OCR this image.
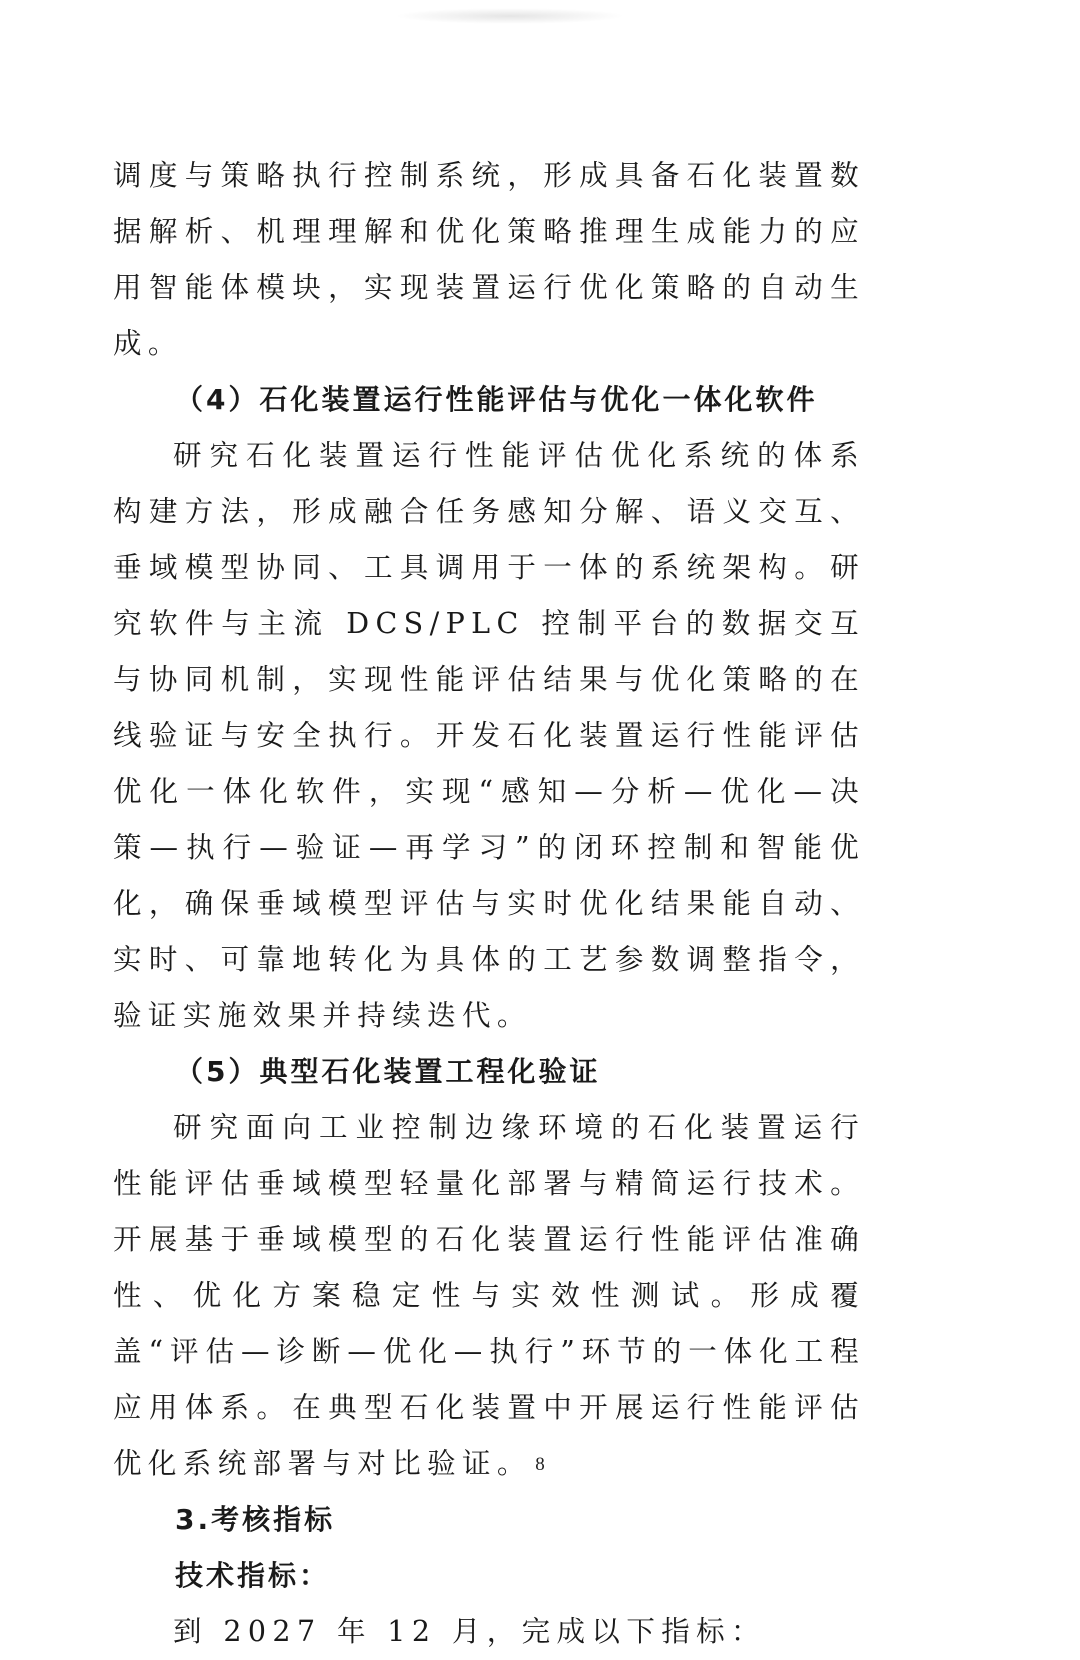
调度与策略执行控制系统，形成具备石化装置数据解析、机理理解和优化策略推理生成能力的应用智能体模块，实现装置运行优化策略的自动生成。

（4）石化装置运行性能评估与优化一体化软件

研究石化装置运行性能评估优化系统的体系构建方法，形成融合任务感知分解、语义交互、垂域模型协同、工具调用于一体的系统架构。研究软件与主流 DCS/PLC 控制平台的数据交互与协同机制，实现性能评估结果与优化策略的在线验证与安全执行。开发石化装置运行性能评估优化一体化软件，实现“感知—分析—优化—决策—执行—验证—再学习”的闭环控制和智能优化，确保垂域模型评估与实时优化结果能自动、实时、可靠地转化为具体的工艺参数调整指令，验证实施效果并持续迭代。

（5）典型石化装置工程化验证

研究面向工业控制边缘环境的石化装置运行性能评估垂域模型轻量化部署与精简运行技术。开展基于垂域模型的石化装置运行性能评估准确性、优化方案稳定性与实效性测试。形成覆盖“评估—诊断—优化—执行”环节的一体化工程应用体系。在典型石化装置中开展运行性能评估优化系统部署与对比验证。

3.考核指标

技术指标：

到 2027 年 12 月，完成以下指标：

8
